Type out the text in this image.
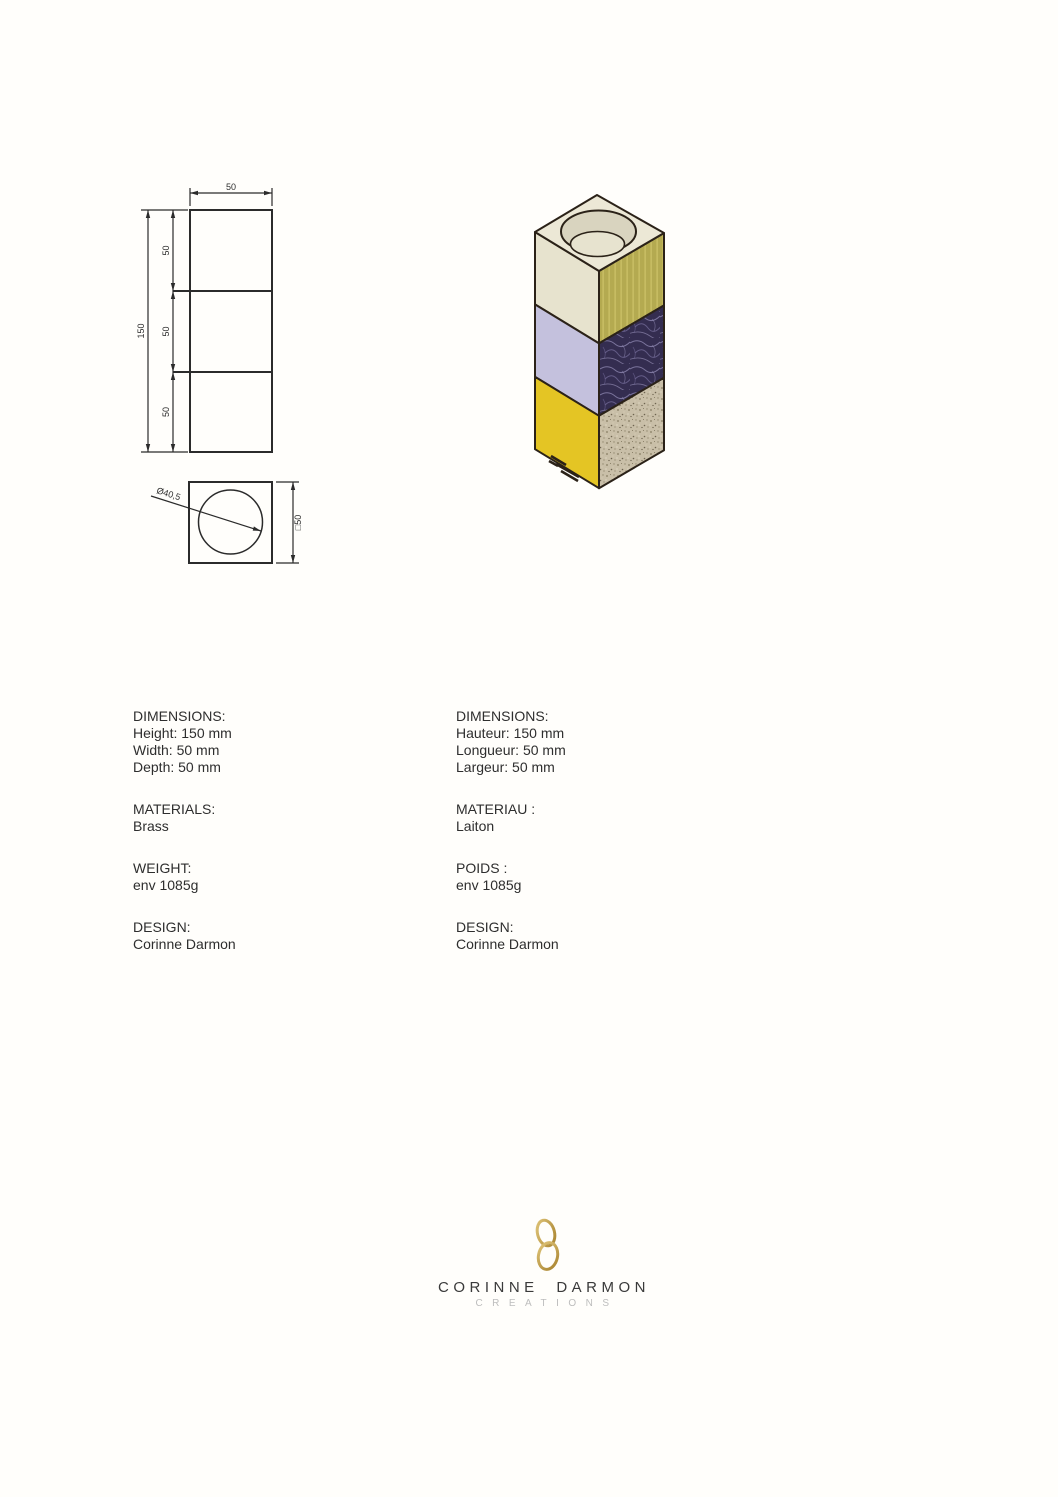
50
150
50
50
50
Ø40,5
□50
DIMENSIONS:
Height: 150 mm
Width: 50 mm
Depth: 50 mm
MATERIALS:
Brass
WEIGHT:
env 1085g
DESIGN:
Corinne Darmon
DIMENSIONS:
Hauteur: 150 mm
Longueur: 50 mm
Largeur: 50 mm
MATERIAU :
Laiton
POIDS :
env 1085g
DESIGN:
Corinne Darmon
CORINNE DARMON
CREATIONS
